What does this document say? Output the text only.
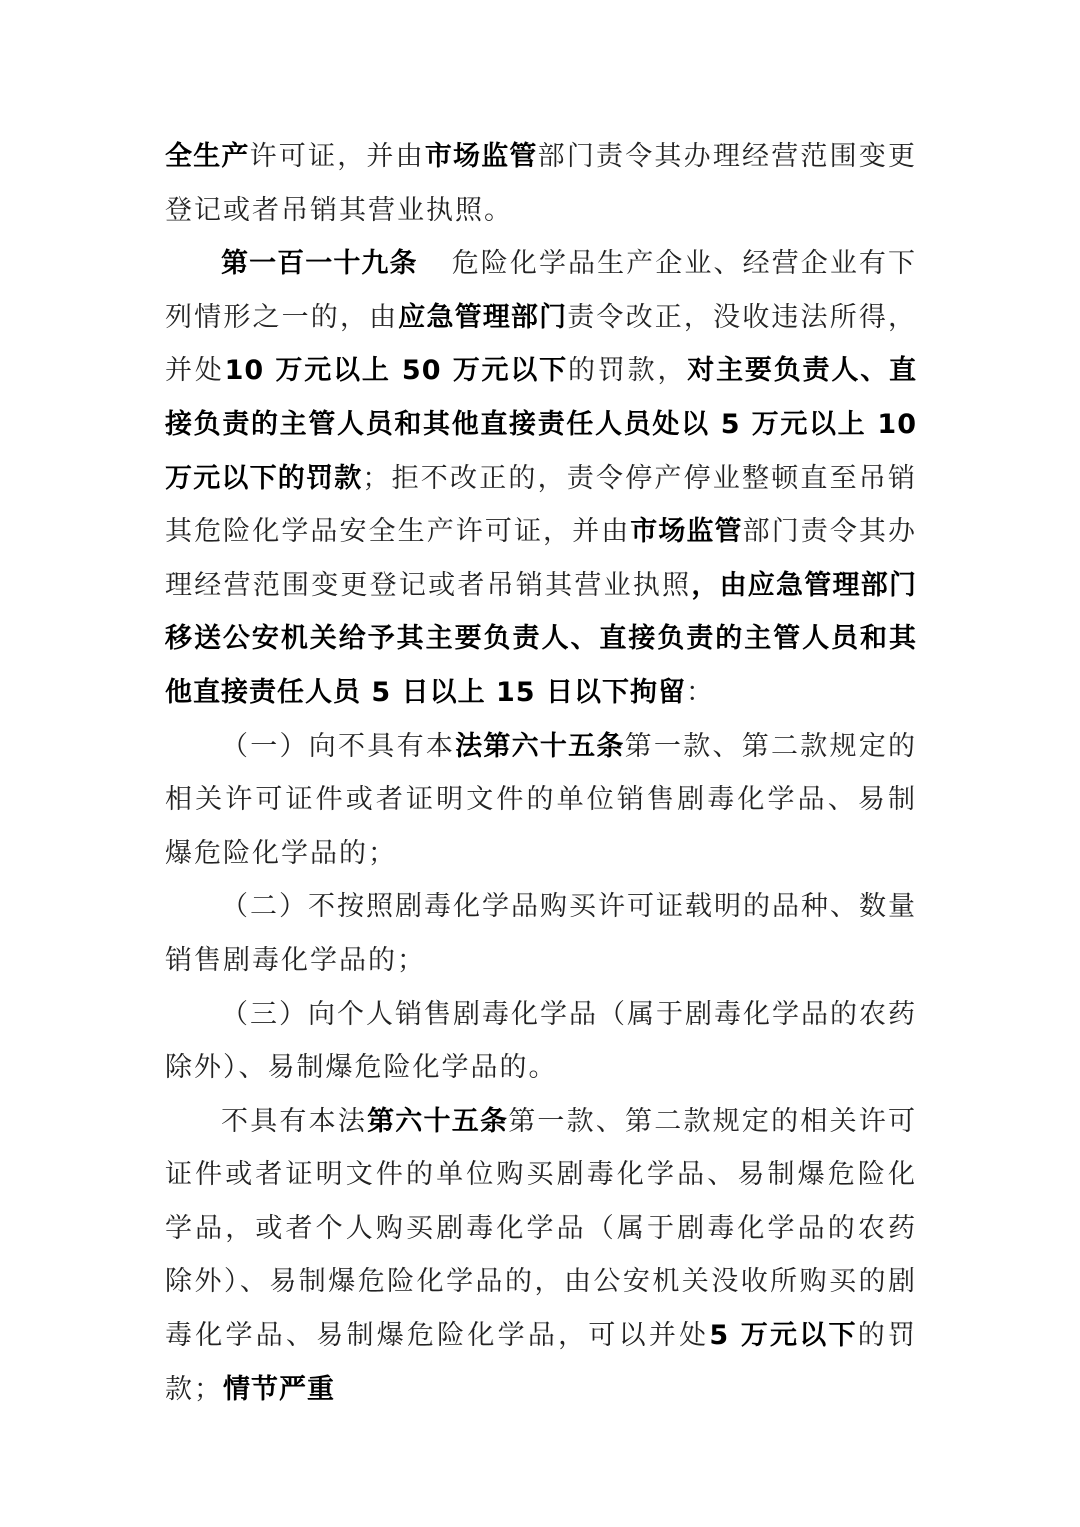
全生产许可证，并由市场监管部门责令其办理经营范围变更登记或者吊销其营业执照。

第一百一十九条 危险化学品生产企业、经营企业有下列情形之一的，由应急管理部门责令改正，没收违法所得，并处10 万元以上 50 万元以下的罚款，对主要负责人、直接负责的主管人员和其他直接责任人员处以 5 万元以上 10 万元以下的罚款；拒不改正的，责令停产停业整顿直至吊销其危险化学品安全生产许可证，并由市场监管部门责令其办理经营范围变更登记或者吊销其营业执照，由应急管理部门移送公安机关给予其主要负责人、直接负责的主管人员和其他直接责任人员 5 日以上 15 日以下拘留：

（一）向不具有本法第六十五条第一款、第二款规定的相关许可证件或者证明文件的单位销售剧毒化学品、易制爆危险化学品的；

（二）不按照剧毒化学品购买许可证载明的品种、数量销售剧毒化学品的；

（三）向个人销售剧毒化学品（属于剧毒化学品的农药除外）、易制爆危险化学品的。

不具有本法第六十五条第一款、第二款规定的相关许可证件或者证明文件的单位购买剧毒化学品、易制爆危险化学品，或者个人购买剧毒化学品（属于剧毒化学品的农药除外）、易制爆危险化学品的，由公安机关没收所购买的剧毒化学品、易制爆危险化学品，可以并处5 万元以下的罚款；情节严重
